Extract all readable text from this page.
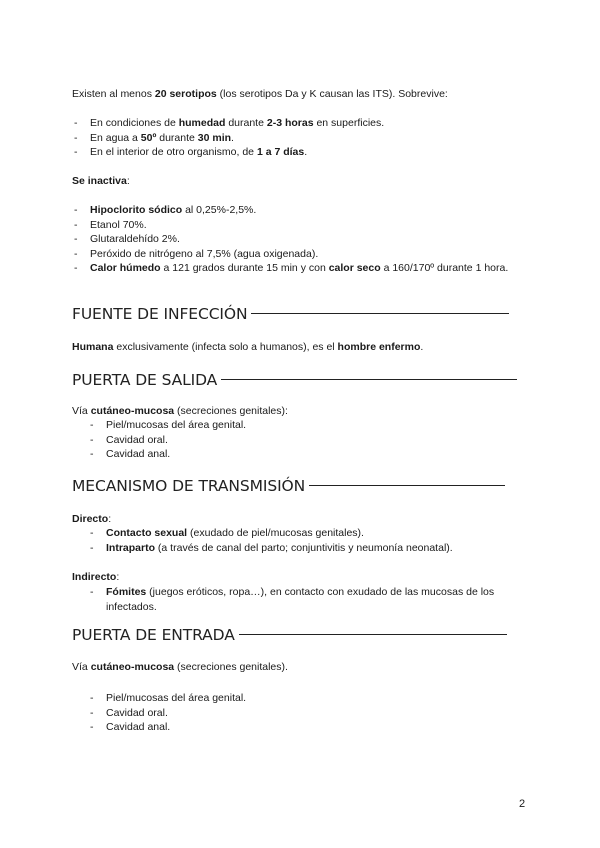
Existen al menos 20 serotipos (los serotipos Da y K causan las ITS). Sobrevive:
- En condiciones de humedad durante 2-3 horas en superficies.
- En agua a 50º durante 30 min.
- En el interior de otro organismo, de 1 a 7 días.
Se inactiva:
- Hipoclorito sódico al 0,25%-2,5%.
- Etanol 70%.
- Glutaraldehído 2%.
- Peróxido de nitrógeno al 7,5% (agua oxigenada).
- Calor húmedo a 121 grados durante 15 min y con calor seco a 160/170º durante 1 hora.
FUENTE DE INFECCIÓN
Humana exclusivamente (infecta solo a humanos), es el hombre enfermo.
PUERTA DE SALIDA
Vía cutáneo-mucosa (secreciones genitales):
- Piel/mucosas del área genital.
- Cavidad oral.
- Cavidad anal.
MECANISMO DE TRANSMISIÓN
Directo:
- Contacto sexual (exudado de piel/mucosas genitales).
- Intraparto (a través de canal del parto; conjuntivitis y neumonía neonatal).
Indirecto:
- Fómites (juegos eróticos, ropa…), en contacto con exudado de las mucosas de los infectados.
PUERTA DE ENTRADA
Vía cutáneo-mucosa (secreciones genitales).
- Piel/mucosas del área genital.
- Cavidad oral.
- Cavidad anal.
2
